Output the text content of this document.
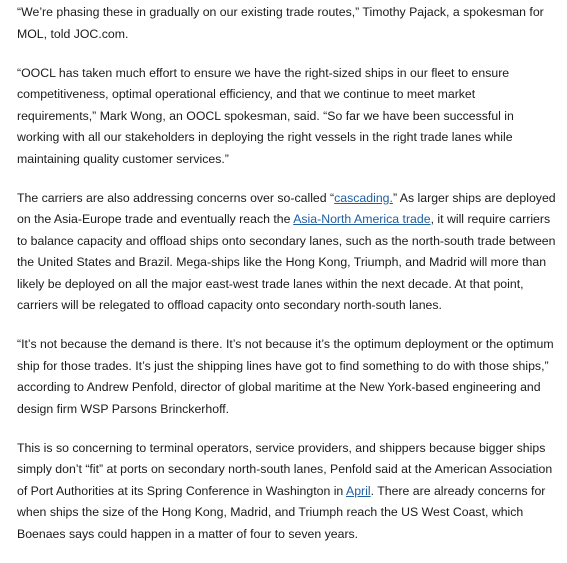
“We’re phasing these in gradually on our existing trade routes,” Timothy Pajack, a spokesman for MOL, told JOC.com.

“OOCL has taken much effort to ensure we have the right-sized ships in our fleet to ensure competitiveness, optimal operational efficiency, and that we continue to meet market requirements,” Mark Wong, an OOCL spokesman, said. “So far we have been successful in working with all our stakeholders in deploying the right vessels in the right trade lanes while maintaining quality customer services.”

The carriers are also addressing concerns over so-called “cascading.” As larger ships are deployed on the Asia-Europe trade and eventually reach the Asia-North America trade, it will require carriers to balance capacity and offload ships onto secondary lanes, such as the north-south trade between the United States and Brazil. Mega-ships like the Hong Kong, Triumph, and Madrid will more than likely be deployed on all the major east-west trade lanes within the next decade. At that point, carriers will be relegated to offload capacity onto secondary north-south lanes.

“It’s not because the demand is there. It’s not because it’s the optimum deployment or the optimum ship for those trades. It’s just the shipping lines have got to find something to do with those ships,” according to Andrew Penfold, director of global maritime at the New York-based engineering and design firm WSP Parsons Brinckerhoff.

This is so concerning to terminal operators, service providers, and shippers because bigger ships simply don’t “fit” at ports on secondary north-south lanes, Penfold said at the American Association of Port Authorities at its Spring Conference in Washington in April. There are already concerns for when ships the size of the Hong Kong, Madrid, and Triumph reach the US West Coast, which Boenaes says could happen in a matter of four to seven years.
